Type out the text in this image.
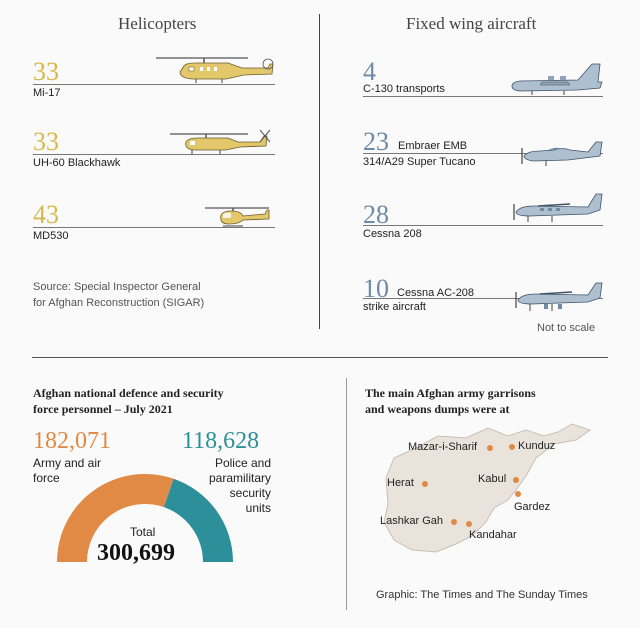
Helicopters
33
Mi-17
33
UH-60 Blackhawk
43
MD530
Source: Special Inspector General
for Afghan Reconstruction (SIGAR)
Fixed wing aircraft
4
C-130 transports
23 Embraer EMB
314/A29 Super Tucano
28
Cessna 208
10 Cessna AC-208
strike aircraft
Not to scale
Afghan national defence and security
force personnel – July 2021
182,071
Army and air
force
118,628
Police and
paramilitary
security
units
Total
300,699
The main Afghan army garrisons
and weapons dumps were at
Mazar-i-Sharif	Kunduz
Herat	Kabul
Gardez
Lashkar Gah
Kandahar
Graphic: The Times and The Sunday Times
